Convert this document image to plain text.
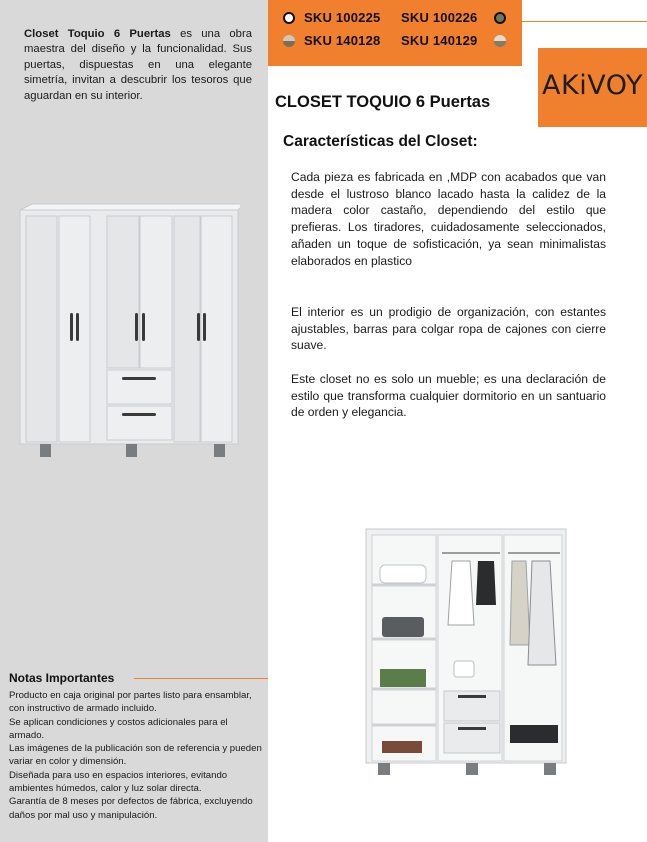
Closet Toquio 6 Puertas es una obra maestra del diseño y la funcionalidad. Sus puertas, dispuestas en una elegante simetría, invitan a descubrir los tesoros que aguardan en su interior.

Notas Importantes
Producto en caja original por partes listo para ensamblar, con instructivo de armado incluido.
Se aplican condiciones y costos adicionales para el armado.
Las imágenes de la publicación son de referencia y pueden variar en color y dimensión.
Diseñada para uso en espacios interiores, evitando ambientes húmedos, calor y luz solar directa.
Garantía de 8 meses por defectos de fábrica, excluyendo daños por mal uso y manipulación.
SKU 100225 SKU 100226
SKU 140128 SKU 140129
AKiVOY
CLOSET TOQUIO 6 Puertas
Características del Closet:

Cada pieza es fabricada en ,MDP con acabados que van desde el lustroso blanco lacado hasta la calidez de la madera color castaño, dependiendo del estilo que prefieras. Los tiradores, cuidadosamente seleccionados, añaden un toque de sofisticación, ya sean minimalistas elaborados en plastico

El interior es un prodigio de organización, con estantes ajustables, barras para colgar ropa de cajones con cierre suave.

Este closet no es solo un mueble; es una declaración de estilo que transforma cualquier dormitorio en un santuario de orden y elegancia.
